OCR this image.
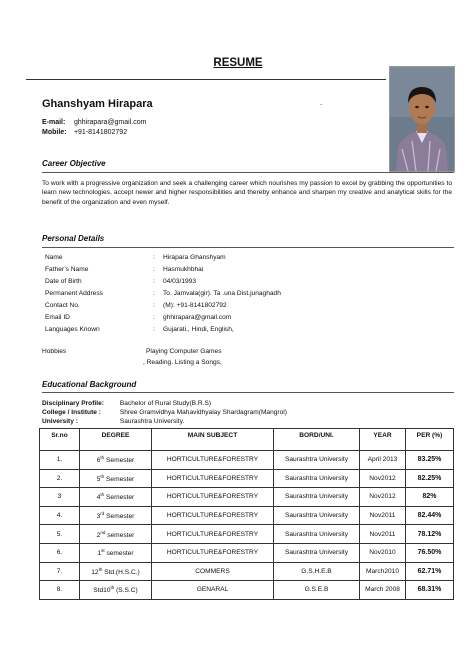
RESUME
Ghanshyam Hirapara	.
E-mail: ghhirapara@gmail.com
Mobile: +91-8141802792
Career Objective
To work with a progressive organization and seek a challenging career which nourishes my passion to excel by grabbing the opportunities to learn new technologies, accept newer and higher responsibilities and thereby enhance and sharpen my creative and analytical skills for the benefit of the organization and even myself.
Personal Details
Name	: Hirapara Ghanshyam
Father’s Name	: Hasmukhbhai
Date of Birth	: 04/03/1993
Permanent Address	: To. Jamvala(gir). Ta .una Dist.junaghadh
Contact No.	: (M): +91-8141802792
Email ID	: ghhirapara@gmail.com
Languages Known	: Gujarati., Hindi, English,
Hobbies	Playing Computer Games
, Reading. Listing a Songs,
Educational Background
Disciplinary Profile: Bachelor of Rural Study(B.R.S)
College / Institute :	Shree Gramvidhya Mahavidhyalay Shardagram(Mangrol)
University :	Saurashtra University.
Sr.no	DEGREE	MAIN SUBJECT	BORD/UNI.	YEAR	PER (%)
1.	6th Semester	HORTICULTURE&FORESTRY	Saurashtra University	April 2013	83.25%
2.	5th Semester	HORTICULTURE&FORESTRY	Saurashtra University	Nov2012	82.25%
3	4th Semester	HORTICULTURE&FORESTRY	Saurashtra University	Nov2012	82%
4.	3rd Semester	HORTICULTURE&FORESTRY	Saurashtra University	Nov2011	82.44%
5.	2nd semester	HORTICULTURE&FORESTRY	Saurashtra University	Nov2011	78.12%
6.	1st semester	HORTICULTURE&FORESTRY	Saurashtra University	Nov2010	76.50%
7.	12th Std.(H.S.C.)	COMMERS	G.S.H.E.B	March2010	62.71%
8.	Std10th (S.S.C)	GENARAL	G.S.E.B	March 2008	68.31%
